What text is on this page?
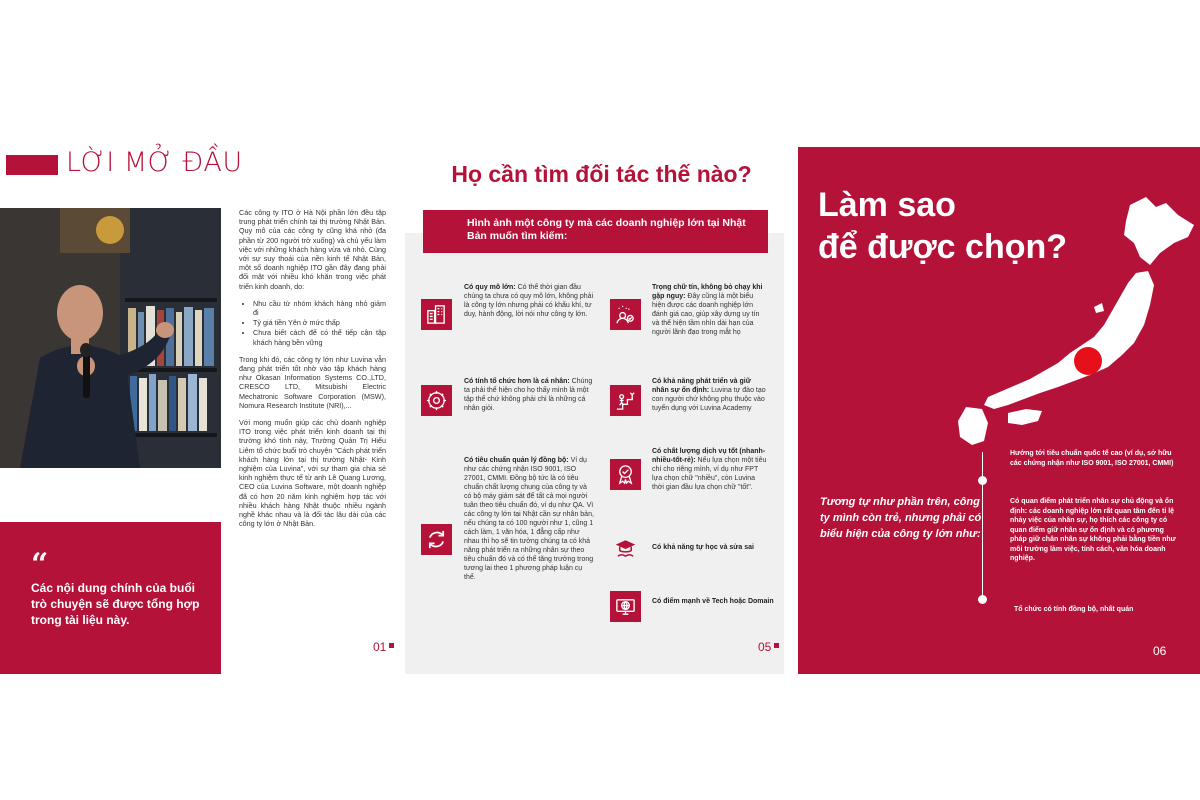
LỜI MỞ ĐẦU
“
Các nội dung chính của buổi trò chuyện sẽ được tổng hợp trong tài liệu này.

Các công ty ITO ở Hà Nội phần lớn đều tập trung phát triển chính tại thị trường Nhật Bản. Quy mô của các công ty cũng khá nhỏ (đa phần từ 200 người trở xuống) và chủ yếu làm việc với những khách hàng vừa và nhỏ. Cùng với sự suy thoái của nền kinh tế Nhật Bản, một số doanh nghiệp ITO gần đây đang phải đối mặt với nhiều khó khăn trong việc phát triển kinh doanh, do:

• Nhu cầu từ nhóm khách hàng nhỏ giảm đi
• Tỷ giá tiền Yên ở mức thấp
• Chưa biết cách để có thể tiếp cận tập khách hàng bền vững

Trong khi đó, các công ty lớn như Luvina vẫn đang phát triển tốt nhờ vào tập khách hàng như Okasan Information Systems CO.,LTD, CRESCO LTD, Mitsubishi Electric Mechatronic Software Corporation (MSW), Nomura Research Institute (NRI),...

Với mong muốn giúp các chủ doanh nghiệp ITO trong việc phát triển kinh doanh tại thị trường khó tính này, Trường Quản Trị Hiếu Liêm tổ chức buổi trò chuyện "Cách phát triển khách hàng lớn tại thị trường Nhật- Kinh nghiệm của Luvina", với sự tham gia chia sẻ kinh nghiệm thực tế từ anh Lê Quang Lương, CEO của Luvina Software, một doanh nghiệp đã có hơn 20 năm kinh nghiệm hợp tác với nhiều khách hàng Nhật thuộc nhiều ngành nghề khác nhau và là đối tác lâu dài của các công ty lớn ở Nhật Bản.

01
Họ cần tìm đối tác thế nào?
Hình ảnh một công ty mà các doanh nghiệp lớn tại Nhật Bản muốn tìm kiếm:
Có quy mô lớn: Có thể thời gian đầu chúng ta chưa có quy mô lớn, không phải là công ty lớn nhưng phải có khẩu khí, tư duy, hành động, lời nói như công ty lớn.
Có tính tổ chức hơn là cá nhân: Chúng ta phải thể hiện cho họ thấy mình là một tập thể chứ không phải chỉ là những cá nhân giỏi.
Có tiêu chuẩn quản lý đồng bộ: Ví dụ như các chứng nhận ISO 9001, ISO 27001, CMMI. Đồng bộ tức là có tiêu chuẩn chất lượng chung của công ty và có bộ máy giám sát để tất cả mọi người tuân theo tiêu chuẩn đó, ví dụ như QA. Vì các công ty lớn tại Nhật cần sự nhân bản, nếu chúng ta có 100 người như 1, cũng 1 cách làm, 1 văn hóa, 1 đẳng cấp như nhau thì họ sẽ tin tưởng chúng ta có khả năng phát triển ra những nhân sự theo tiêu chuẩn đó và có thể tăng trưởng trong tương lai theo 1 phương pháp luận cụ thể.
Trọng chữ tín, không bỏ chạy khi gặp nguy: Đây cũng là một biểu hiện được các doanh nghiệp lớn đánh giá cao, giúp xây dựng uy tín và thể hiện tầm nhìn dài hạn của người lãnh đạo trong mắt họ
Có khả năng phát triển và giữ nhân sự ổn định: Luvina tự đào tạo con người chứ không phụ thuộc vào tuyển dụng với Luvina Academy
Có chất lượng dịch vụ tốt (nhanh-nhiều-tốt-rẻ): Nếu lựa chọn một tiêu chí cho riêng mình, ví dụ như FPT lựa chọn chữ "nhiều", còn Luvina thời gian đầu lựa chọn chữ "tốt".
Có khả năng tự học và sửa sai
Có điểm mạnh về Tech hoặc Domain
05
Làm sao
để được chọn?
Tương tự như phần trên, công ty mình còn trẻ, nhưng phải có biểu hiện của công ty lớn như:
Hướng tới tiêu chuẩn quốc tế cao (ví dụ, sở hữu các chứng nhận như ISO 9001, ISO 27001, CMMI)
Có quan điểm phát triển nhân sự chủ động và ổn định: các doanh nghiệp lớn rất quan tâm đến tỉ lệ nhảy việc của nhân sự, họ thích các công ty có quan điểm giữ nhân sự ổn định và có phương pháp giữ chân nhân sự không phải bằng tiền như môi trường làm việc, tính cách, văn hóa doanh nghiệp.
Tổ chức có tính đồng bộ, nhất quán
06
